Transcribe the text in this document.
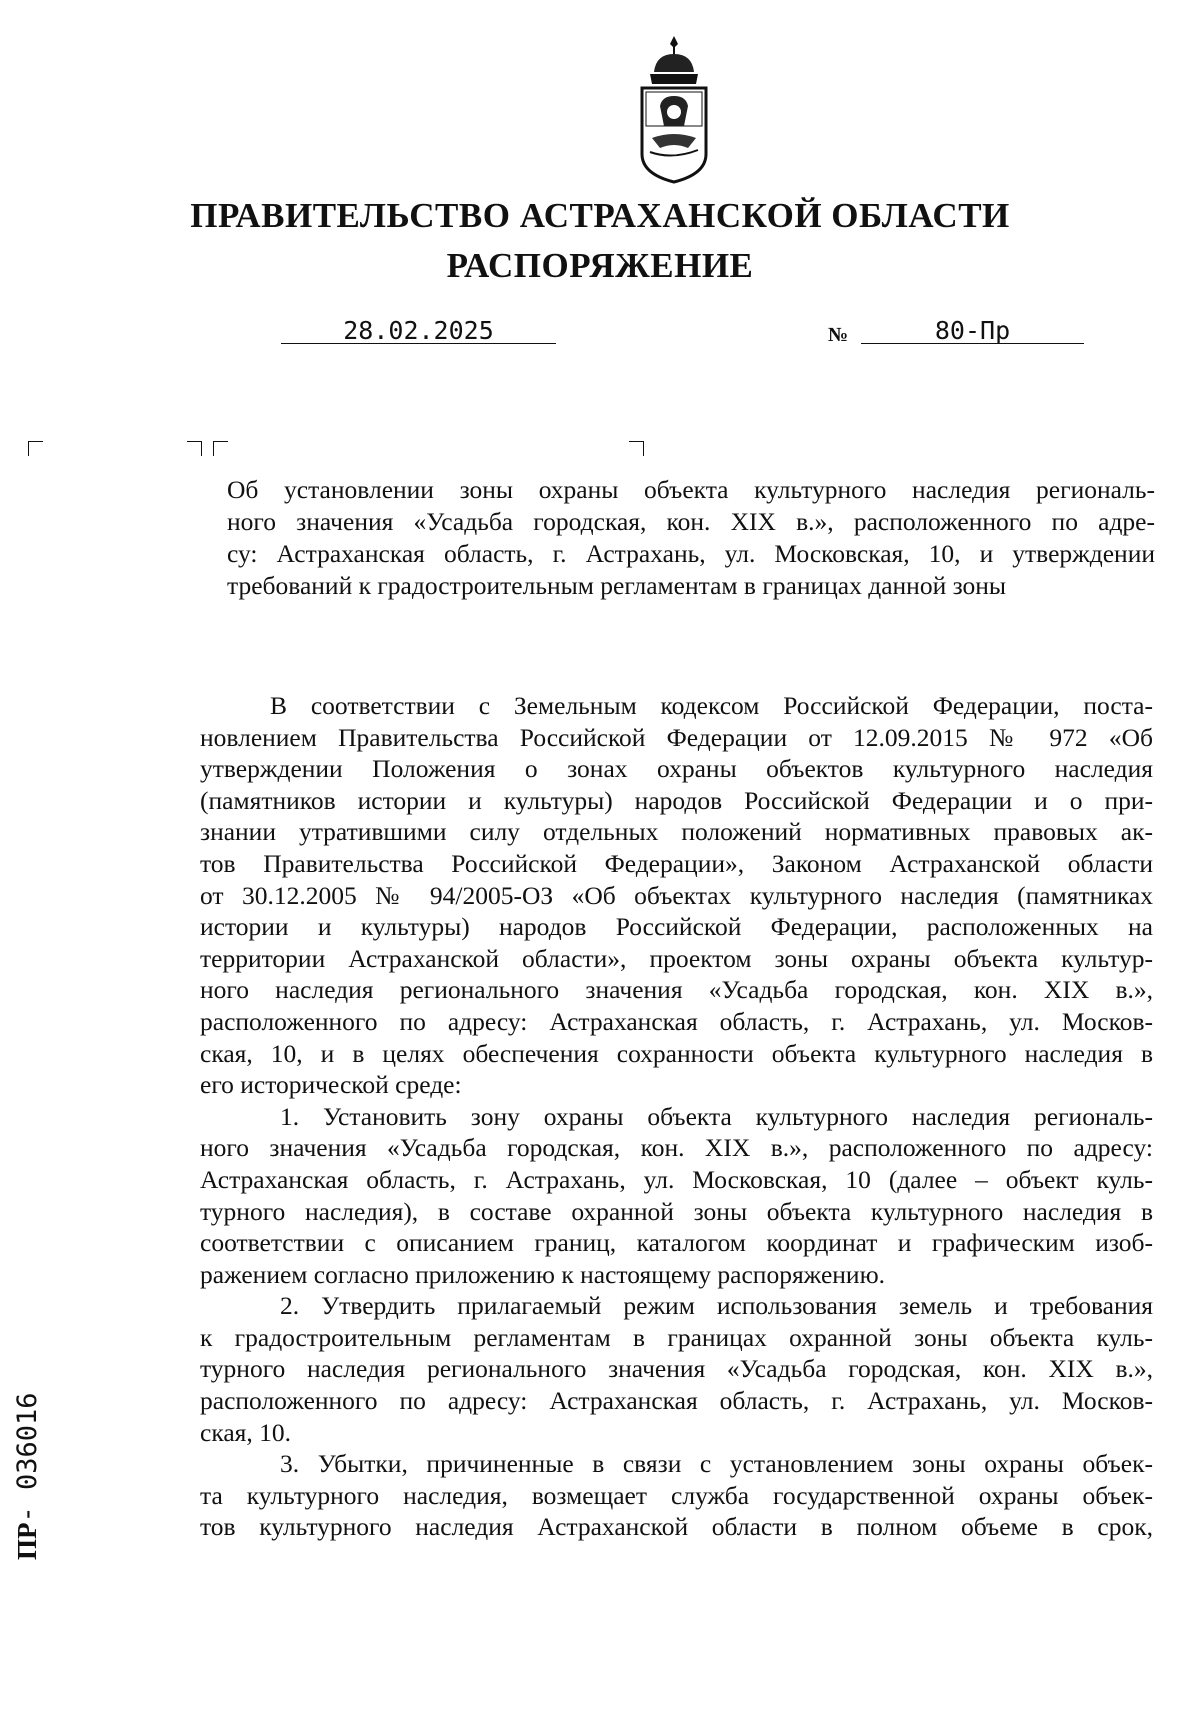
ПРАВИТЕЛЬСТВО АСТРАХАНСКОЙ ОБЛАСТИ
РАСПОРЯЖЕНИЕ
28.02.2025	№	80-Пр
Об установлении зоны охраны объекта культурного наследия региональ-
ного значения «Усадьба городская, кон. XIX в.», расположенного по адре-
су: Астраханская область, г. Астрахань, ул. Московская, 10, и утверждении
требований к градостроительным регламентам в границах данной зоны

В соответствии с Земельным кодексом Российской Федерации, поста-
новлением Правительства Российской Федерации от 12.09.2015 № 972 «Об
утверждении Положения о зонах охраны объектов культурного наследия
(памятников истории и культуры) народов Российской Федерации и о при-
знании утратившими силу отдельных положений нормативных правовых ак-
тов Правительства Российской Федерации», Законом Астраханской области
от 30.12.2005 № 94/2005-ОЗ «Об объектах культурного наследия (памятниках
истории и культуры) народов Российской Федерации, расположенных на
территории Астраханской области», проектом зоны охраны объекта культур-
ного наследия регионального значения «Усадьба городская, кон. XIX в.»,
расположенного по адресу: Астраханская область, г. Астрахань, ул. Москов-
ская, 10, и в целях обеспечения сохранности объекта культурного наследия в
его исторической среде:

1. Установить зону охраны объекта культурного наследия региональ-
ного значения «Усадьба городская, кон. XIX в.», расположенного по адресу:
Астраханская область, г. Астрахань, ул. Московская, 10 (далее – объект куль-
турного наследия), в составе охранной зоны объекта культурного наследия в
соответствии с описанием границ, каталогом координат и графическим изоб-
ражением согласно приложению к настоящему распоряжению.

2. Утвердить прилагаемый режим использования земель и требования
к градостроительным регламентам в границах охранной зоны объекта куль-
турного наследия регионального значения «Усадьба городская, кон. XIX в.»,
расположенного по адресу: Астраханская область, г. Астрахань, ул. Москов-
ская, 10.

3. Убытки, причиненные в связи с установлением зоны охраны объек-
та культурного наследия, возмещает служба государственной охраны объек-
тов культурного наследия Астраханской области в полном объеме в срок,

ПР- 036016
